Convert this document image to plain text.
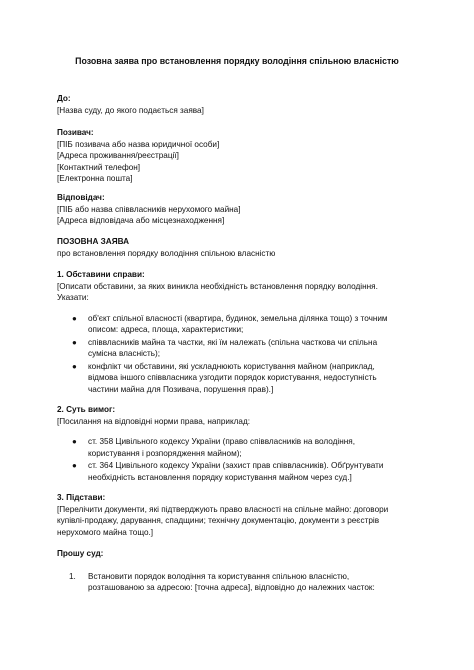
Позовна заява про встановлення порядку володіння спільною власністю
До:
[Назва суду, до якого подається заява]
Позивач:
[ПІБ позивача або назва юридичної особи]
[Адреса проживання/реєстрації]
[Контактний телефон]
[Електронна пошта]
Відповідач:
[ПІБ або назва співвласників нерухомого майна]
[Адреса відповідача або місцезнаходження]
ПОЗОВНА ЗАЯВА
про встановлення порядку володіння спільною власністю
1. Обставини справи:
[Описати обставини, за яких виникла необхідність встановлення порядку володіння.
Указати:
● об'єкт спільної власності (квартира, будинок, земельна ділянка тощо) з точним
описом: адреса, площа, характеристики;
● співвласників майна та частки, які їм належать (спільна часткова чи спільна
сумісна власність);
● конфлікт чи обставини, які ускладнюють користування майном (наприклад,
відмова іншого співвласника узгодити порядок користування, недоступність
частини майна для Позивача, порушення прав).]
2. Суть вимог:
[Посилання на відповідні норми права, наприклад:
● ст. 358 Цивільного кодексу України (право співвласників на володіння,
користування і розпорядження майном);
● ст. 364 Цивільного кодексу України (захист прав співвласників). Обґрунтувати
необхідність встановлення порядку користування майном через суд.]
3. Підстави:
[Перелічити документи, які підтверджують право власності на спільне майно: договори
купівлі-продажу, дарування, спадщини; технічну документацію, документи з реєстрів
нерухомого майна тощо.]
Прошу суд:
1. Встановити порядок володіння та користування спільною власністю,
розташованою за адресою: [точна адреса], відповідно до належних часток:
